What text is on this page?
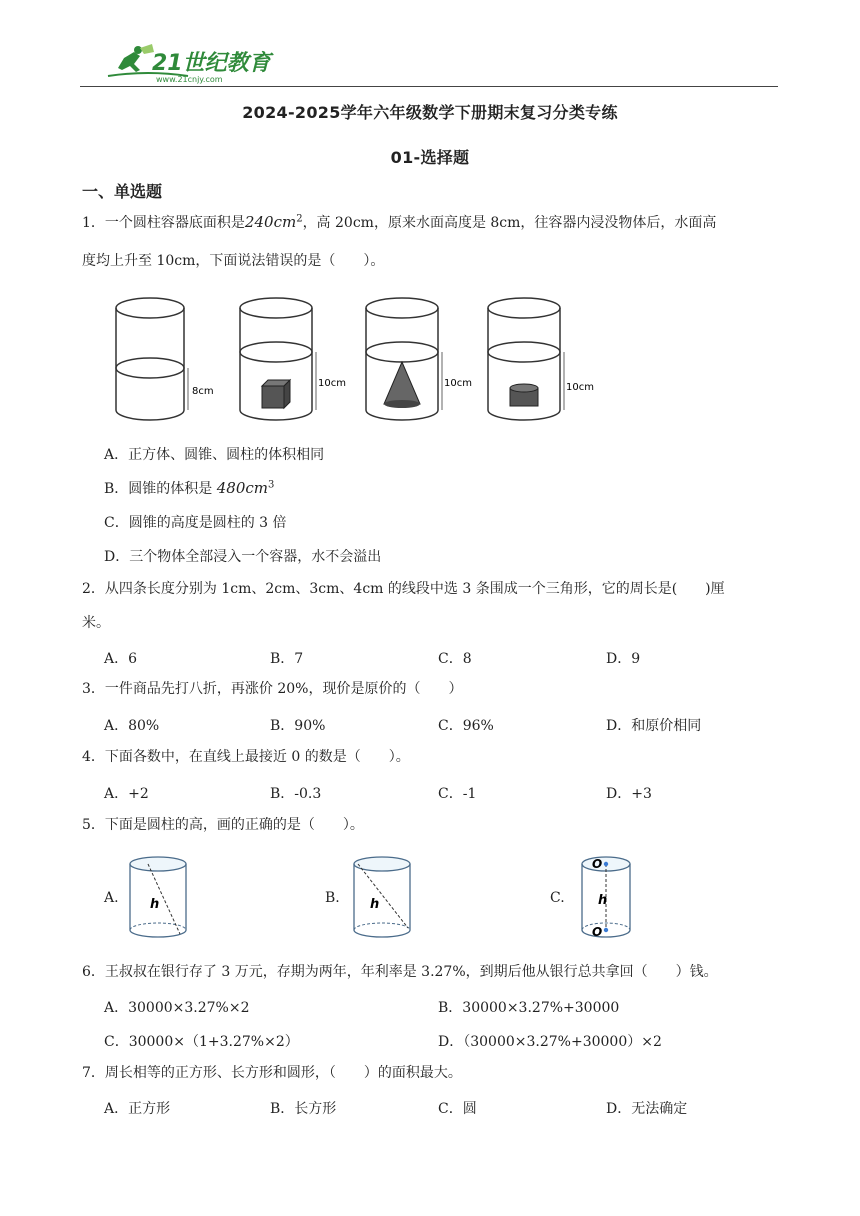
21世纪教育
www.21cnjy.com
2024-2025学年六年级数学下册期末复习分类专练
01-选择题
一、单选题
1．一个圆柱容器底面积是$240cm^2$，高 20cm，原来水面高度是 8cm，往容器内浸没物体后，水面高
度均上升至 10cm，下面说法错误的是（　　）。
8cm
10cm	10cm	10cm
A．正方体、圆锥、圆柱的体积相同
B．圆锥的体积是 $480cm^3$
C．圆锥的高度是圆柱的 3 倍
D．三个物体全部浸入一个容器，水不会溢出
2．从四条长度分别为 1cm、2cm、3cm、4cm 的线段中选 3 条围成一个三角形，它的周长是(　　)厘
米。
A．6	B．7	C．8	D．9
3．一件商品先打八折，再涨价 20%，现价是原价的（　　）
A．80%	B．90%	C．96%	D．和原价相同
4．下面各数中，在直线上最接近 0 的数是（　　）。
A．+2	B．-0.3	C．-1	D．+3
5．下面是圆柱的高，画的正确的是（　　）。
A. h	B. h	C.
O
O
h
6．王叔叔在银行存了 3 万元，存期为两年，年利率是 3.27%，到期后他从银行总共拿回（　　）钱。
A．30000×3.27%×2	B．30000×3.27%+30000
C．30000×（1+3.27%×2）	D．（30000×3.27%+30000）×2
7．周长相等的正方形、长方形和圆形，（　　）的面积最大。
A．正方形	B．长方形	C．圆	D．无法确定
